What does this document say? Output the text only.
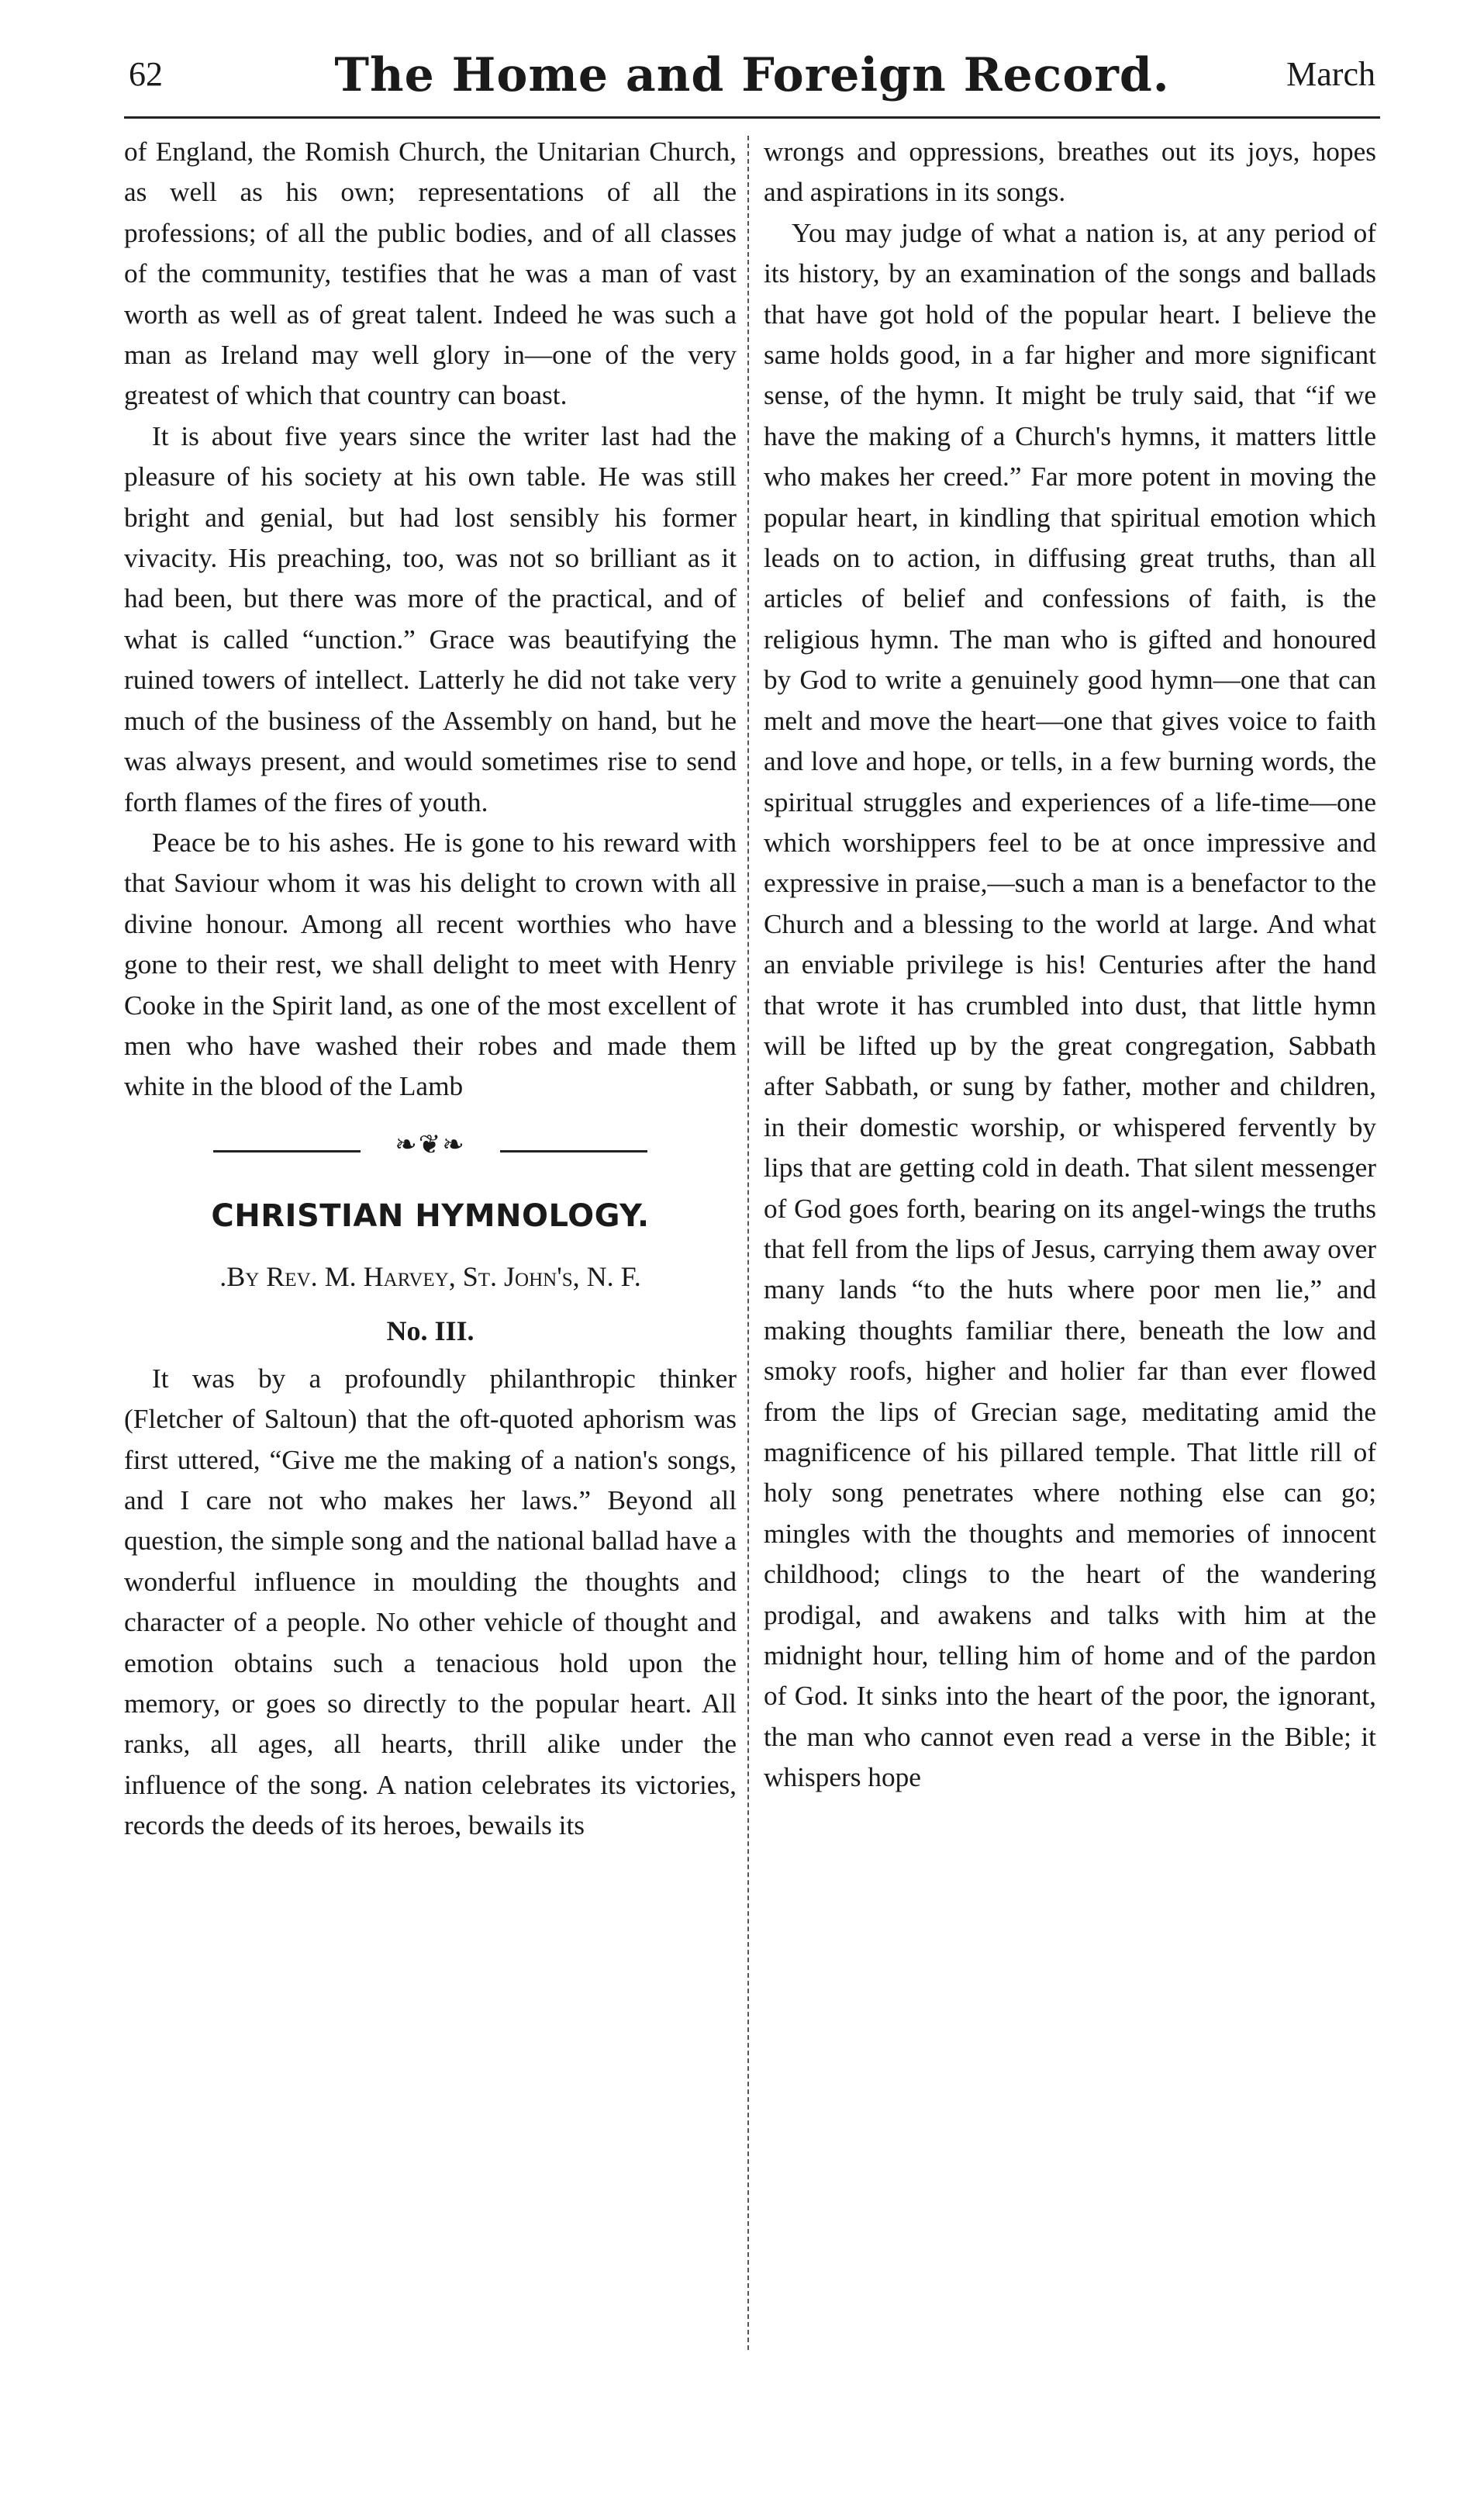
62	The Home and Foreign Record.	March

of England, the Romish Church, the Unitarian Church, as well as his own; representations of all the professions; of all the public bodies, and of all classes of the community, testifies that he was a man of vast worth as well as of great talent. Indeed he was such a man as Ireland may well glory in—one of the very greatest of which that country can boast.

It is about five years since the writer last had the pleasure of his society at his own table. He was still bright and genial, but had lost sensibly his former vivacity. His preaching, too, was not so brilliant as it had been, but there was more of the practical, and of what is called “unction.” Grace was beautifying the ruined towers of intellect. Latterly he did not take very much of the business of the Assembly on hand, but he was always present, and would sometimes rise to send forth flames of the fires of youth.

Peace be to his ashes. He is gone to his reward with that Saviour whom it was his delight to crown with all divine honour. Among all recent worthies who have gone to their rest, we shall delight to meet with Henry Cooke in the Spirit land, as one of the most excellent of men who have washed their robes and made them white in the blood of the Lamb

❧❦❧
CHRISTIAN HYMNOLOGY.
.By Rev. M. Harvey, St. John's, N. F.
No. III.

It was by a profoundly philanthropic thinker (Fletcher of Saltoun) that the oft-quoted aphorism was first uttered, “Give me the making of a nation's songs, and I care not who makes her laws.” Beyond all question, the simple song and the national ballad have a wonderful influence in moulding the thoughts and character of a people. No other vehicle of thought and emotion obtains such a tenacious hold upon the memory, or goes so directly to the popular heart. All ranks, all ages, all hearts, thrill alike under the influence of the song. A nation celebrates its victories, records the deeds of its heroes, bewails its

wrongs and oppressions, breathes out its joys, hopes and aspirations in its songs.

You may judge of what a nation is, at any period of its history, by an examination of the songs and ballads that have got hold of the popular heart. I believe the same holds good, in a far higher and more significant sense, of the hymn. It might be truly said, that “if we have the making of a Church's hymns, it matters little who makes her creed.” Far more potent in moving the popular heart, in kindling that spiritual emotion which leads on to action, in diffusing great truths, than all articles of belief and confessions of faith, is the religious hymn. The man who is gifted and honoured by God to write a genuinely good hymn—one that can melt and move the heart—one that gives voice to faith and love and hope, or tells, in a few burning words, the spiritual struggles and experiences of a life-time—one which worshippers feel to be at once impressive and expressive in praise,—such a man is a benefactor to the Church and a blessing to the world at large. And what an enviable privilege is his! Centuries after the hand that wrote it has crumbled into dust, that little hymn will be lifted up by the great congregation, Sabbath after Sabbath, or sung by father, mother and children, in their domestic worship, or whispered fervently by lips that are getting cold in death. That silent messenger of God goes forth, bearing on its angel-wings the truths that fell from the lips of Jesus, carrying them away over many lands “to the huts where poor men lie,” and making thoughts familiar there, beneath the low and smoky roofs, higher and holier far than ever flowed from the lips of Grecian sage, meditating amid the magnificence of his pillared temple. That little rill of holy song penetrates where nothing else can go; mingles with the thoughts and memories of innocent childhood; clings to the heart of the wandering prodigal, and awakens and talks with him at the midnight hour, telling him of home and of the pardon of God. It sinks into the heart of the poor, the ignorant, the man who cannot even read a verse in the Bible; it whispers hope
